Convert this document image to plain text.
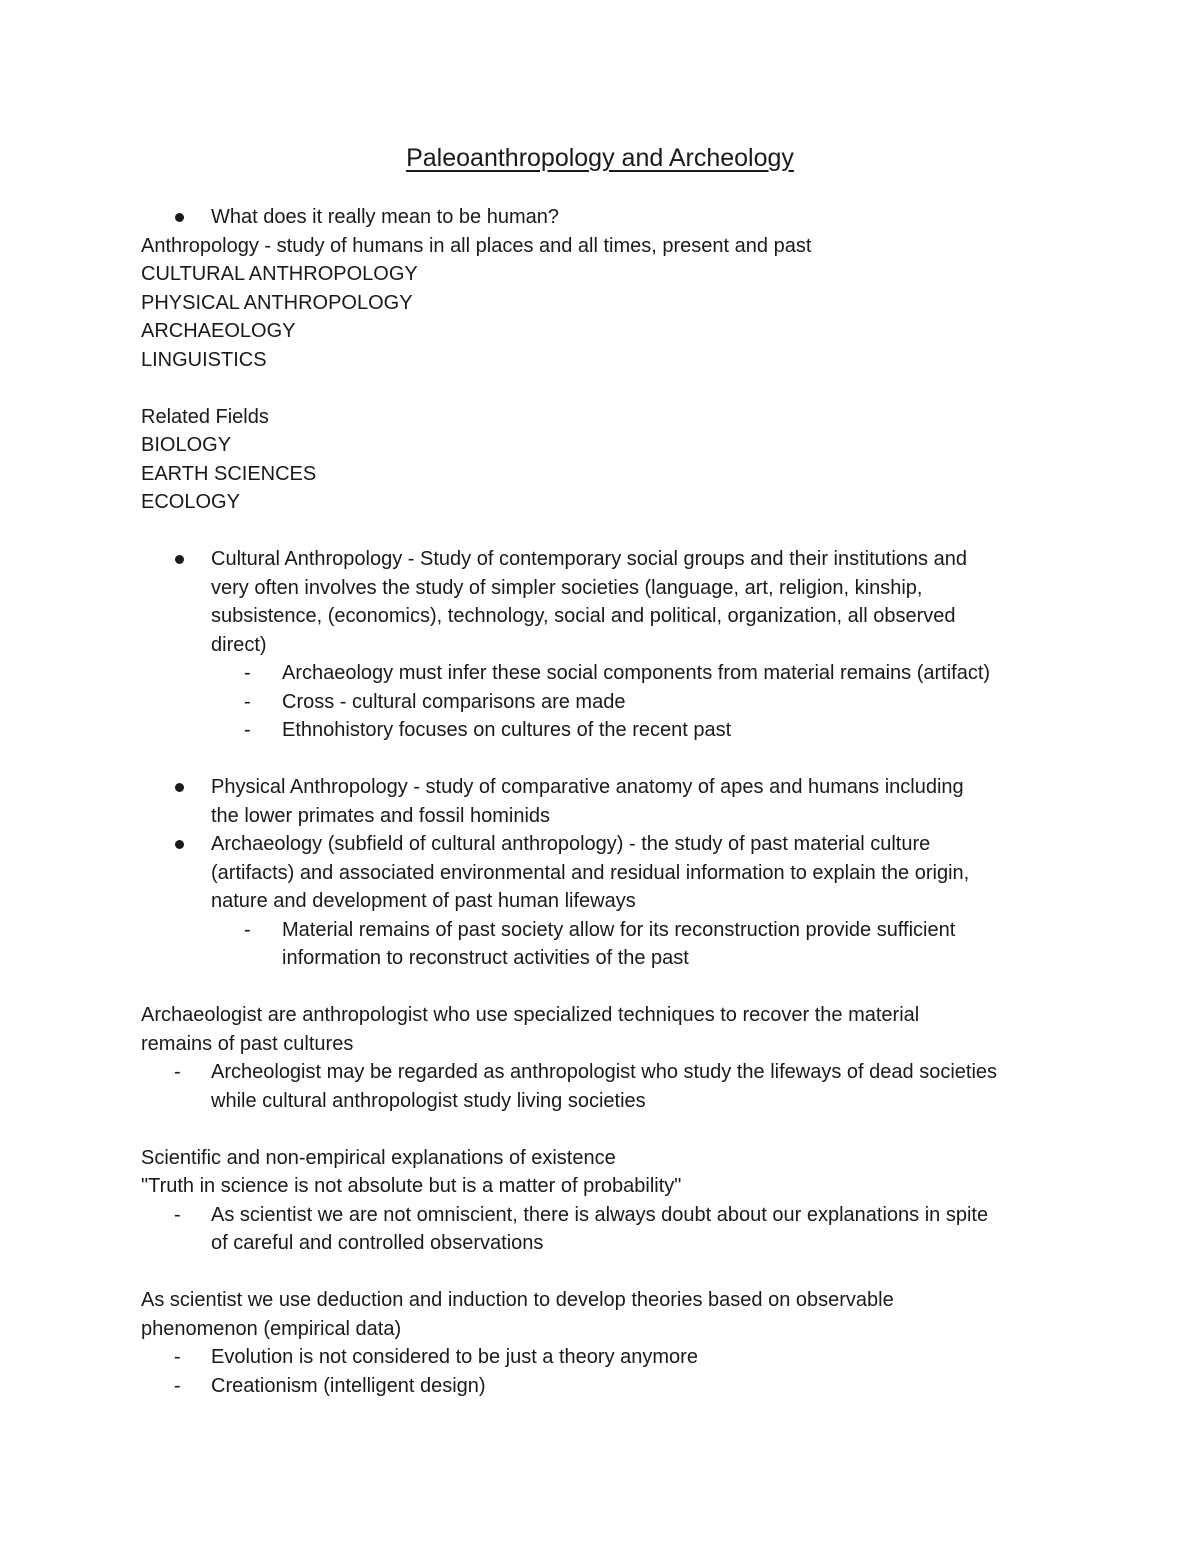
Paleoanthropology and Archeology
What does it really mean to be human?
Anthropology - study of humans in all places and all times, present and past
CULTURAL ANTHROPOLOGY
PHYSICAL ANTHROPOLOGY
ARCHAEOLOGY
LINGUISTICS
Related Fields
BIOLOGY
EARTH SCIENCES
ECOLOGY
Cultural Anthropology - Study of contemporary social groups and their institutions and
very often involves the study of simpler societies (language, art, religion, kinship,
subsistence, (economics), technology, social and political, organization, all observed
direct)
- Archaeology must infer these social components from material remains (artifact)
- Cross - cultural comparisons are made
- Ethnohistory focuses on cultures of the recent past
Physical Anthropology - study of comparative anatomy of apes and humans including
the lower primates and fossil hominids
Archaeology (subfield of cultural anthropology) - the study of past material culture
(artifacts) and associated environmental and residual information to explain the origin,
nature and development of past human lifeways
- Material remains of past society allow for its reconstruction provide sufficient
information to reconstruct activities of the past
Archaeologist are anthropologist who use specialized techniques to recover the material
remains of past cultures
- Archeologist may be regarded as anthropologist who study the lifeways of dead societies
while cultural anthropologist study living societies
Scientific and non-empirical explanations of existence
"Truth in science is not absolute but is a matter of probability"
- As scientist we are not omniscient, there is always doubt about our explanations in spite
of careful and controlled observations
As scientist we use deduction and induction to develop theories based on observable
phenomenon (empirical data)
- Evolution is not considered to be just a theory anymore
- Creationism (intelligent design)
